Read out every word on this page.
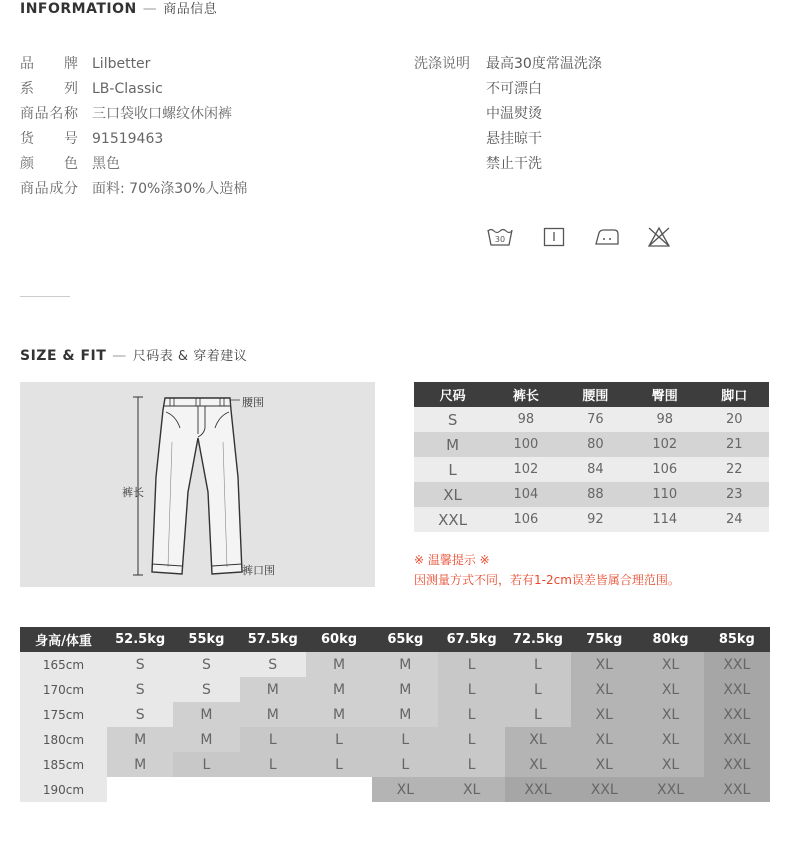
INFORMATION — 商品信息
品牌 Lilbetter
系列 LB-Classic
商品名称 三口袋收口螺纹休闲裤
货号 91519463
颜色 黑色
商品成分 面料: 70%涤30%人造棉
洗涤说明 最高30度常温洗涤
不可漂白
中温熨烫
悬挂晾干
禁止干洗
30
SIZE & FIT — 尺码表 & 穿着建议
腰围
裤长
裤口围
尺码	裤长	腰围	臀围	脚口
S	98	76	98	20
M	100	80	102	21
L	102	84	106	22
XL	104	88	110	23
XXL	106	92	114	24
※ 温馨提示 ※
因测量方式不同，若有1-2cm误差皆属合理范围。
身高/体重	52.5kg	55kg	57.5kg	60kg	65kg	67.5kg	72.5kg	75kg	80kg	85kg
165cm	S	S	S	M	M	L	L	XL	XL	XXL
170cm	S	S	M	M	M	L	L	XL	XL	XXL
175cm	S	M	M	M	M	L	L	XL	XL	XXL
180cm	M	M	L	L	L	L	XL	XL	XL	XXL
185cm	M	L	L	L	L	L	XL	XL	XL	XXL
190cm					XL	XL	XXL	XXL	XXL	XXL
